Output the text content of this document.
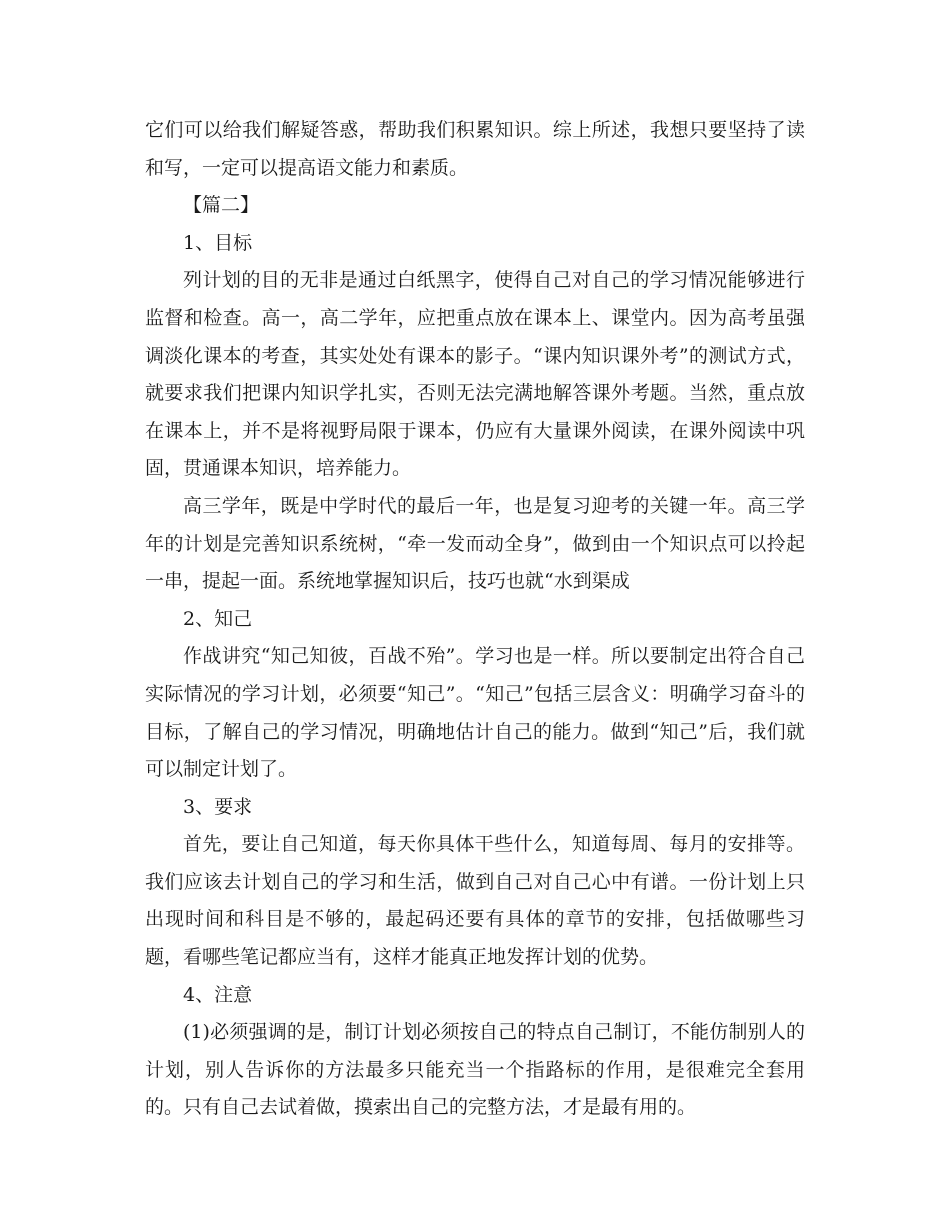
它们可以给我们解疑答惑，帮助我们积累知识。综上所述，我想只要坚持了读和写，一定可以提高语文能力和素质。

【篇二】

1、目标

列计划的目的无非是通过白纸黑字，使得自己对自己的学习情况能够进行监督和检查。高一，高二学年，应把重点放在课本上、课堂内。因为高考虽强调淡化课本的考查，其实处处有课本的影子。“课内知识课外考”的测试方式，就要求我们把课内知识学扎实，否则无法完满地解答课外考题。当然，重点放在课本上，并不是将视野局限于课本，仍应有大量课外阅读，在课外阅读中巩固，贯通课本知识，培养能力。

高三学年，既是中学时代的最后一年，也是复习迎考的关键一年。高三学年的计划是完善知识系统树，“牵一发而动全身”，做到由一个知识点可以拎起一串，提起一面。系统地掌握知识后，技巧也就“水到渠成

2、知己

作战讲究“知己知彼，百战不殆”。学习也是一样。所以要制定出符合自己实际情况的学习计划，必须要“知己”。“知己”包括三层含义：明确学习奋斗的目标，了解自己的学习情况，明确地估计自己的能力。做到“知己”后，我们就可以制定计划了。

3、要求

首先，要让自己知道，每天你具体干些什么，知道每周、每月的安排等。我们应该去计划自己的学习和生活，做到自己对自己心中有谱。一份计划上只出现时间和科目是不够的，最起码还要有具体的章节的安排，包括做哪些习题，看哪些笔记都应当有，这样才能真正地发挥计划的优势。

4、注意

(1)必须强调的是，制订计划必须按自己的特点自己制订，不能仿制别人的计划，别人告诉你的方法最多只能充当一个指路标的作用，是很难完全套用的。只有自己去试着做，摸索出自己的完整方法，才是最有用的。
